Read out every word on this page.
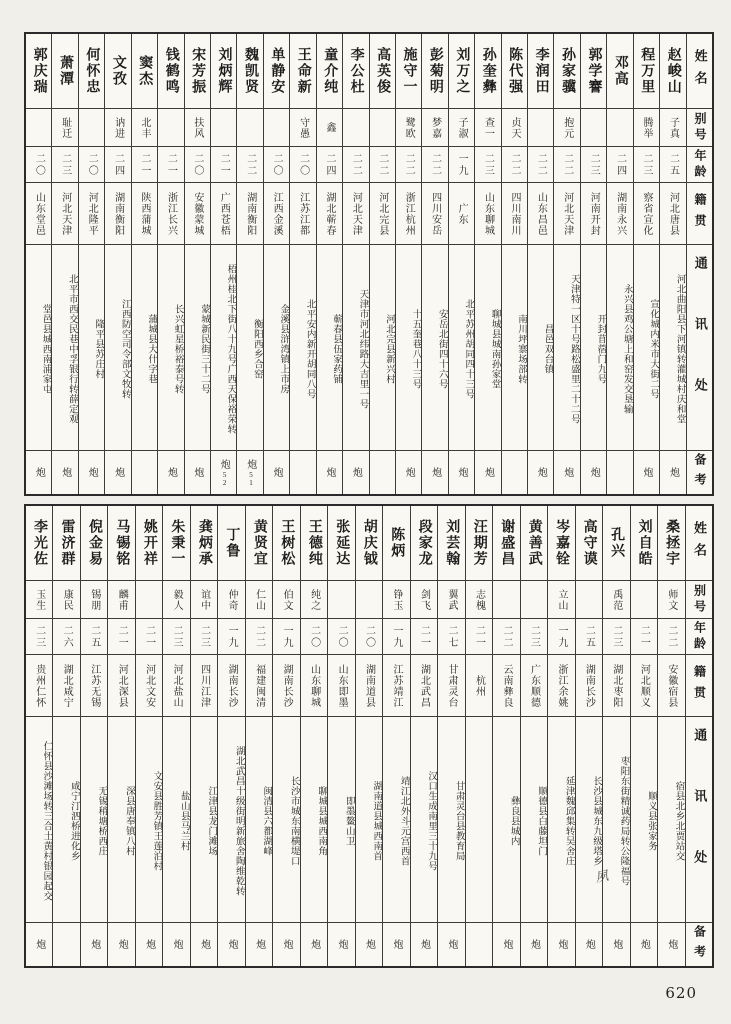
姓名
别号
年龄
籍贯
通讯处
备考
赵峻山
子真
二五
河北唐县
河北曲阳县下河镇转灌城村庆和堂
炮
程万里
腾举
二三
察省宣化
宣化城内米市大街二号
炮
邓高
二四
湖南永兴
永兴县鸡公塘上和窑发交垦输
郭学謇
二三
河南开封
开封苜蓿门九号
炮
孙家骥
抱元
二二
河北天津
天津特一区十号路松盛里二十二号
炮
李润田
二二
山东昌邑
昌邑双台镇
炮
陈代强
贞天
二二
四川南川
南川坪寨场部转
孙奎彝
查一
二三
山东聊城
聊城县城南孙家堂
炮
刘万之
子淑
一九
广东
北平苏州胡同四十三号
炮
彭菊明
梦嘉
二二
四川安岳
安岳北街四十六号
炮
施守一
鹭欧
二二
浙江杭州
十五奎巷八十三号
炮
高英俊
二二
河北完县
河北完县新兴村
李公杜
二二
河北天津
天津市河北纬路大吉里一号
炮
童介纯
鑫
二四
湖北蕲春
蕲春县伍家药铺
炮
王命新
守愚
二〇
江苏江都
北平安内新开胡同八号
单静安
二〇
江西金溪
金溪县浒湾镇上市房
炮
魏凯贤
二二
湖南衡阳
衡阳西乡合窑
炮
51
刘炳辉
二一
广西苍梧
梧州桂北下街八十九号广西天保裕荣转
炮
52
宋芳振
扶风
二〇
安徽蒙城
蒙城新民街三十二号
炮
钱鹤鸣
二一
浙江长兴
长兴虹星桥裕泰号转
炮
窦杰
北丰
二一
陕西蒲城
蒲城县大什字巷
文孜
讷进
二四
湖南衡阳
江西防空司令部文牧转
炮
何怀忠
二〇
河北隆平
隆平县苏庄村
炮
萧潭
耻迁
二三
河北天津
北平市西交民巷中孚银行转薛定观
炮
郭庆瑞
二〇
山东堂邑
堂邑县城西南浦家屯
炮
姓名
别号
年龄
籍贯
通讯处
备考
桑拯宇
师文
二二
安徽宿县
宿县北乡北贾站交
炮
刘自皓
二一
河北顺义
顺义县张家务
炮
孔兴
禹范
二三
湖北枣阳
枣阳东街精诚药局转公隆福号
炮
高守谟
二五
湖南长沙
长沙县城东九级塔乡
炮
岑嘉铨
立山
一九
浙江余姚
延津魏邱集转吴舍庄
炮
黄善武
二三
广东顺德
顺德县白藤坦门
炮
谢盛昌
二二
云南彝良
彝良县城内
炮
汪期芳
志槐
二一
杭州
刘芸翰
翼武
二七
甘肃灵台
甘肃灵台县教育局
炮
段家龙
剑飞
二一
湖北武昌
汉口生成南里三十九号
炮
陈炳
铮玉
一九
江苏靖江
靖江北外斗元宫西首
炮
胡庆钺
二〇
湖南道县
湖南道县城西南首
炮
张延达
二〇
山东即墨
即墨鳌山卫
炮
王德纯
纯之
二〇
山东聊城
聊城县城西南角
炮
王树松
伯文
一九
湖南长沙
长沙市城东南横堤口
炮
黄贤宜
仁山
二二
福建闽清
闽清县六都湖峰
炮
丁鲁
仲奇
一九
湖南长沙
湖北武昌十级街明新旅舍陶维乾转
炮
龚炳承
谊中
二三
四川江津
江津县龙门滩场
炮
朱秉一
毅人
二三
河北盐山
盐山县马兰村
炮
姚开祥
二一
河北文安
文安县胜芳镇王莲泊村
炮
马锡铭
麟甫
二一
河北深县
深县唐奉镇八村
炮
倪金易
锡朋
二五
江苏无锡
无锡稍塘桥西庄
炮
雷济群
康民
二六
湖北咸宁
咸宁汀泗桥进化乡
李光佐
玉生
二三
贵州仁怀
仁怀县沙滩场转三合土黄村银园起交
炮
夙
620
